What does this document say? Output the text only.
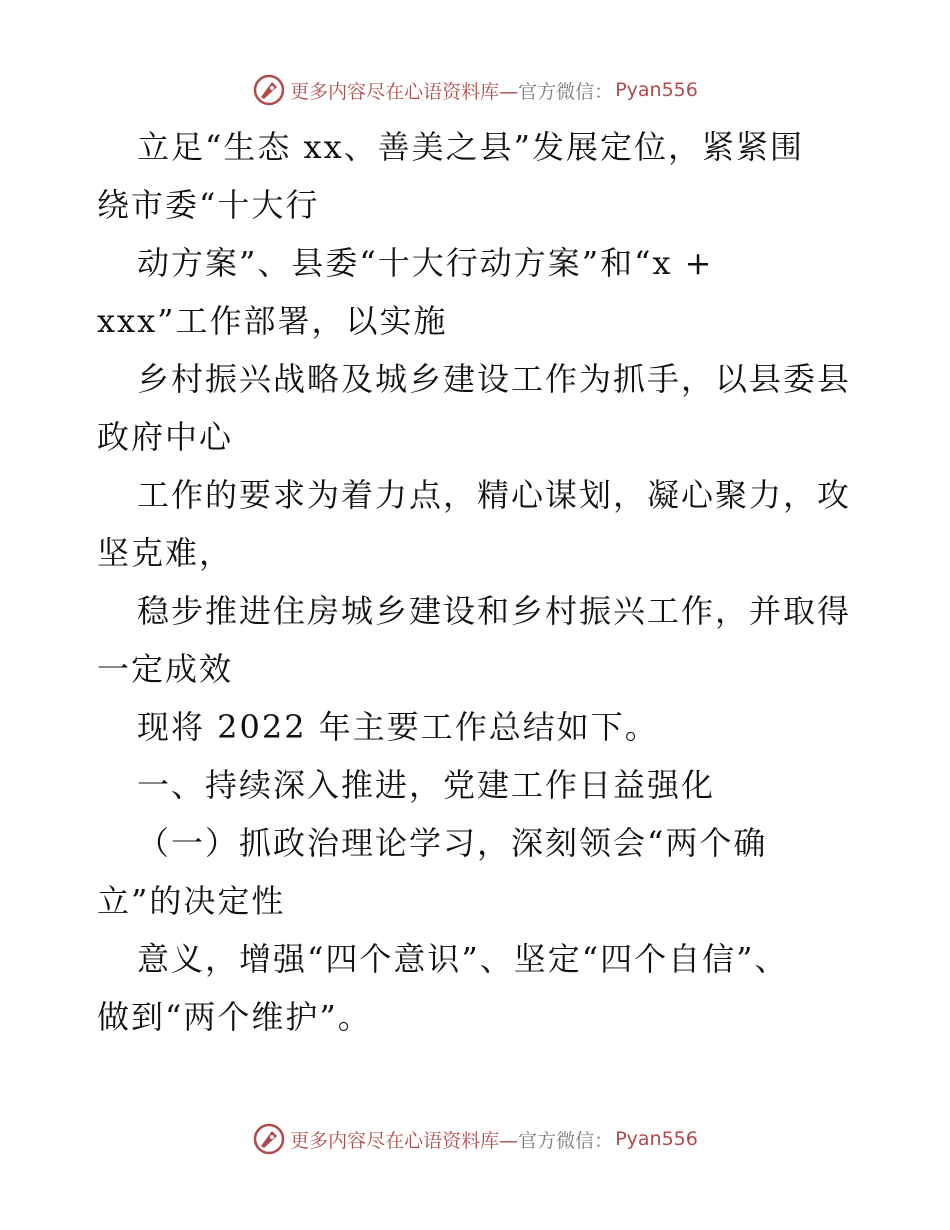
更多内容尽在心语资料库— 官方微信： Pyan556
立足“生态 xx、善美之县”发展定位，紧紧围
绕市委“十大行
动方案”、县委“十大行动方案”和“x +
xxx”工作部署，以实施
乡村振兴战略及城乡建设工作为抓手，以县委县
政府中心
工作的要求为着力点，精心谋划，凝心聚力，攻
坚克难，
稳步推进住房城乡建设和乡村振兴工作，并取得
一定成效
现将 2022 年主要工作总结如下。
一、持续深入推进，党建工作日益强化
（一）抓政治理论学习，深刻领会“两个确
立”的决定性
意义，增强“四个意识”、坚定“四个自信”、
做到“两个维护”。
更多内容尽在心语资料库— 官方微信： Pyan556
